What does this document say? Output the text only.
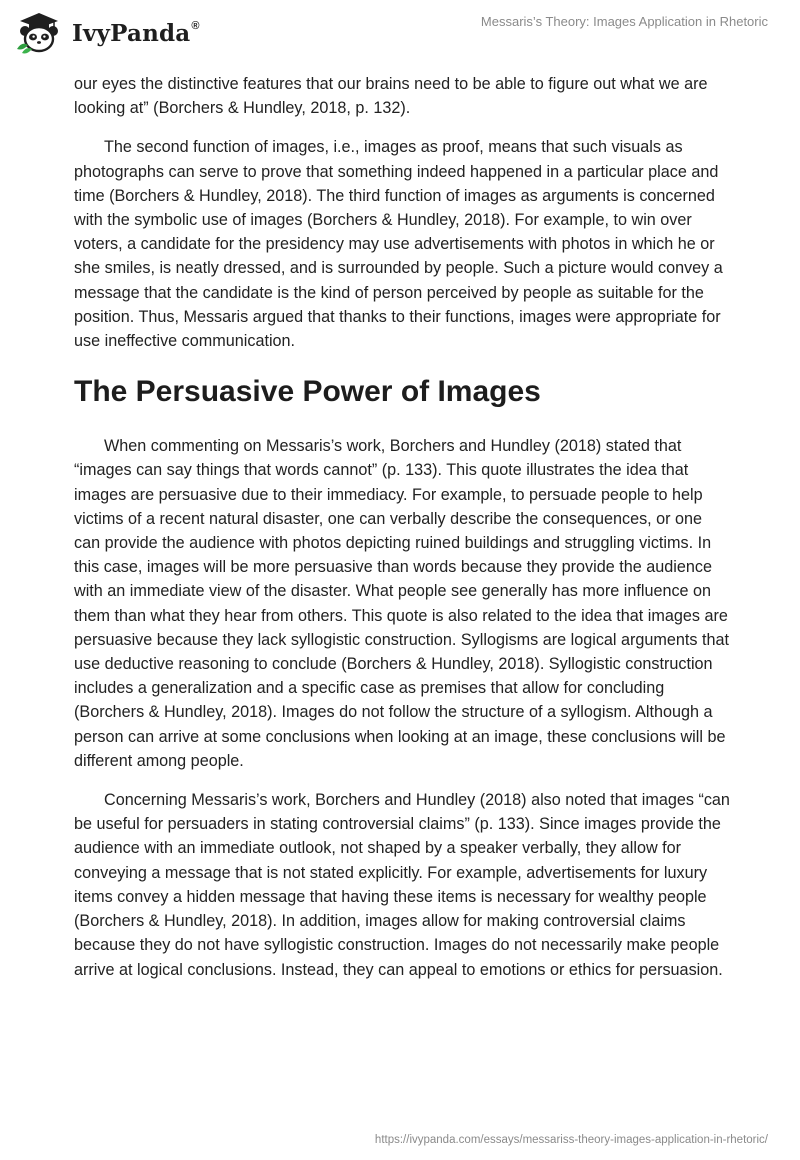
IvyPanda®	Messaris’s Theory: Images Application in Rhetoric

our eyes the distinctive features that our brains need to be able to figure out what we are looking at” (Borchers & Hundley, 2018, p. 132).

The second function of images, i.e., images as proof, means that such visuals as photographs can serve to prove that something indeed happened in a particular place and time (Borchers & Hundley, 2018). The third function of images as arguments is concerned with the symbolic use of images (Borchers & Hundley, 2018). For example, to win over voters, a candidate for the presidency may use advertisements with photos in which he or she smiles, is neatly dressed, and is surrounded by people. Such a picture would convey a message that the candidate is the kind of person perceived by people as suitable for the position. Thus, Messaris argued that thanks to their functions, images were appropriate for use ineffective communication.

The Persuasive Power of Images

When commenting on Messaris’s work, Borchers and Hundley (2018) stated that “images can say things that words cannot” (p. 133). This quote illustrates the idea that images are persuasive due to their immediacy. For example, to persuade people to help victims of a recent natural disaster, one can verbally describe the consequences, or one can provide the audience with photos depicting ruined buildings and struggling victims. In this case, images will be more persuasive than words because they provide the audience with an immediate view of the disaster. What people see generally has more influence on them than what they hear from others. This quote is also related to the idea that images are persuasive because they lack syllogistic construction. Syllogisms are logical arguments that use deductive reasoning to conclude (Borchers & Hundley, 2018). Syllogistic construction includes a generalization and a specific case as premises that allow for concluding (Borchers & Hundley, 2018). Images do not follow the structure of a syllogism. Although a person can arrive at some conclusions when looking at an image, these conclusions will be different among people.

Concerning Messaris’s work, Borchers and Hundley (2018) also noted that images “can be useful for persuaders in stating controversial claims” (p. 133). Since images provide the audience with an immediate outlook, not shaped by a speaker verbally, they allow for conveying a message that is not stated explicitly. For example, advertisements for luxury items convey a hidden message that having these items is necessary for wealthy people (Borchers & Hundley, 2018). In addition, images allow for making controversial claims because they do not have syllogistic construction. Images do not necessarily make people arrive at logical conclusions. Instead, they can appeal to emotions or ethics for persuasion.

https://ivypanda.com/essays/messariss-theory-images-application-in-rhetoric/
